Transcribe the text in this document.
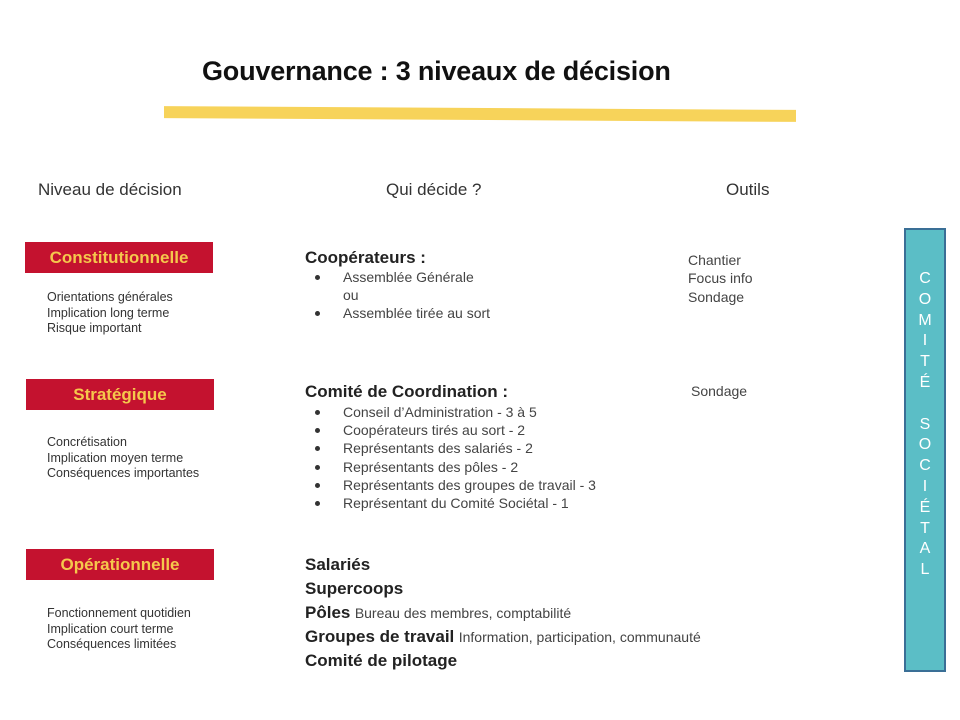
Gouvernance : 3 niveaux de décision
Niveau de décision	Qui décide ?	Outils
Constitutionnelle
Orientations générales
Implication long terme
Risque important
Coopérateurs :
Assemblée Générale
ou
Assemblée tirée au sort
Chantier
Focus info
Sondage
Stratégique
Concrétisation
Implication moyen terme
Conséquences importantes
Comité de Coordination :
Conseil d’Administration - 3 à 5
Coopérateurs tirés au sort - 2
Représentants des salariés - 2
Représentants des pôles - 2
Représentants des groupes de travail - 3
Représentant du Comité Sociétal - 1
Sondage
Opérationnelle
Fonctionnement quotidien
Implication court terme
Conséquences limitées
Salariés
Supercoops
Pôles Bureau des membres, comptabilité
Groupes de travail Information, participation, communauté
Comité de pilotage
C
O
M
I
T
É
S
O
C
I
É
T
A
L
